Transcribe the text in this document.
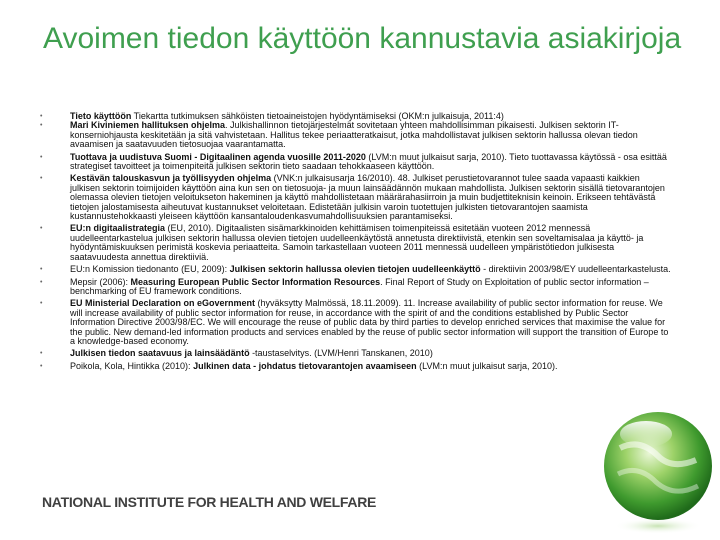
Avoimen tiedon käyttöön kannustavia asiakirjoja
•	Tieto käyttöön Tiekartta tutkimuksen sähköisten tietoaineistojen hyödyntämiseksi (OKM:n julkaisuja, 2011:4)
•	Mari Kiviniemen hallituksen ohjelma. Julkishallinnon tietojärjestelmät sovitetaan yhteen mahdollisimman pikaisesti. Julkisen sektorin IT- konserniohjausta keskitetään ja sitä vahvistetaan. Hallitus tekee periaatteratkaisut, jotka mahdollistavat julkisen sektorin hallussa olevan tiedon avaamisen ja saatavuuden tietosuojaa vaarantamatta.
•	Tuottava ja uudistuva Suomi - Digitaalinen agenda vuosille 2011-2020 (LVM:n muut julkaisut sarja, 2010). Tieto tuottavassa käytössä - osa esittää strategiset tavoitteet ja toimenpiteitä julkisen sektorin tieto saadaan tehokkaaseen käyttöön.
•	Kestävän talouskasvun ja työllisyyden ohjelma (VNK:n julkaisusarja 16/2010). 48. Julkiset perustietovarannot tulee saada vapaasti kaikkien julkisen sektorin toimijoiden käyttöön aina kun sen on tietosuoja- ja muun lainsäädännön mukaan mahdollista. Julkisen sektorin sisällä tietovarantojen olemassa olevien tietojen veloitukseton hakeminen ja käyttö mahdollistetaan määrärahasiirroin ja muin budjettiteknisin keinoin. Erikseen tehtävästä tietojen jalostamisesta aiheutuvat kustannukset veloitetaan. Edistetään julkisin varoin tuotettujen julkisten tietovarantojen saamista kustannustehokkaasti yleiseen käyttöön kansantaloudenkasvumahdollisuuksien parantamiseksi.
•	EU:n digitaalistrategia (EU, 2010). Digitaalisten sisämarkkinoiden kehittämisen toimenpiteissä esitetään vuoteen 2012 mennessä uudelleentarkastelua julkisen sektorin hallussa olevien tietojen uudelleenkäytöstä annetusta direktiivistä, etenkin sen soveltamisalaa ja käyttö- ja hyödyntämiskuuksen perimistä koskevia periaatteita. Samoin tarkastellaan vuoteen 2011 mennessä uudelleen ympäristötiedon julkisesta saatavuudesta annettua direktiiviä.
•	EU:n Komission tiedonanto (EU, 2009): Julkisen sektorin hallussa olevien tietojen uudelleenkäyttö - direktiivin 2003/98/EY uudelleentarkastelusta.
•	Mepsir (2006): Measuring European Public Sector Information Resources. Final Report of Study on Exploitation of public sector information – benchmarking of EU framework conditions.
•	EU Ministerial Declaration on eGovernment (hyväksytty Malmössä, 18.11.2009). 11. Increase availability of public sector information for reuse. We will increase availability of public sector information for reuse, in accordance with the spirit of and the conditions established by Public Sector Information Directive 2003/98/EC. We will encourage the reuse of public data by third parties to develop enriched services that maximise the value for the public. New demand-led information products and services enabled by the reuse of public sector information will support the transition of Europe to a knowledge-based economy.
•	Julkisen tiedon saatavuus ja lainsäädäntö -taustaselvitys. (LVM/Henri Tanskanen, 2010)
•	Poikola, Kola, Hintikka (2010): Julkinen data - johdatus tietovarantojen avaamiseen (LVM:n muut julkaisut sarja, 2010).
NATIONAL INSTITUTE FOR HEALTH AND WELFARE
